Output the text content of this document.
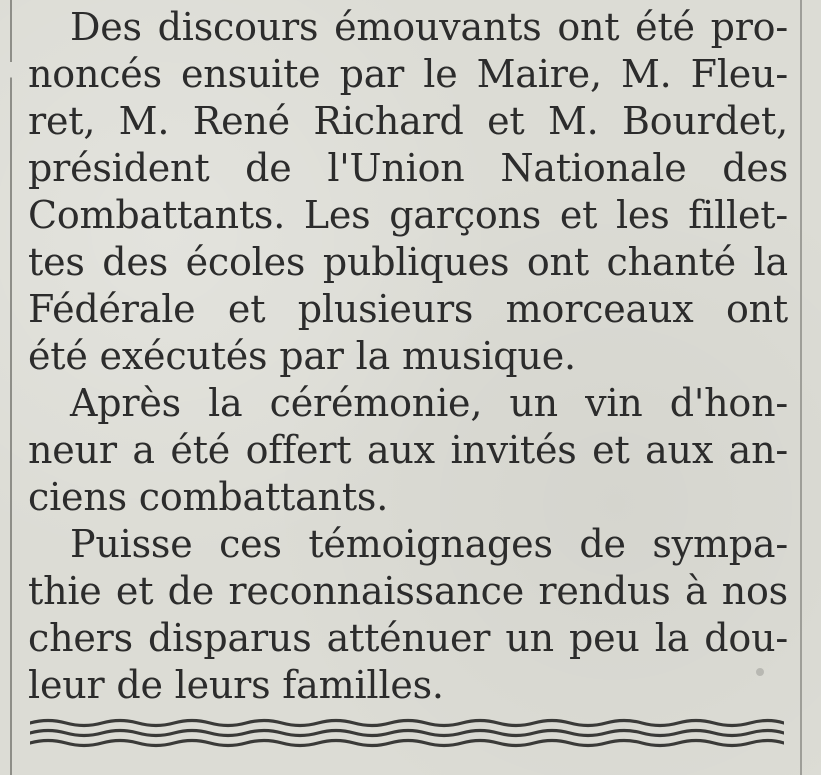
Des discours émouvants ont été pro-
noncés ensuite par le Maire, M. Fleu-
ret, M. René Richard et M. Bourdet,
président de l'Union Nationale des
Combattants. Les garçons et les fillet-
tes des écoles publiques ont chanté la
Fédérale et plusieurs morceaux ont
été exécutés par la musique.
Après la cérémonie, un vin d'hon-
neur a été offert aux invités et aux an-
ciens combattants.
Puisse ces témoignages de sympa-
thie et de reconnaissance rendus à nos
chers disparus atténuer un peu la dou-
leur de leurs familles.
